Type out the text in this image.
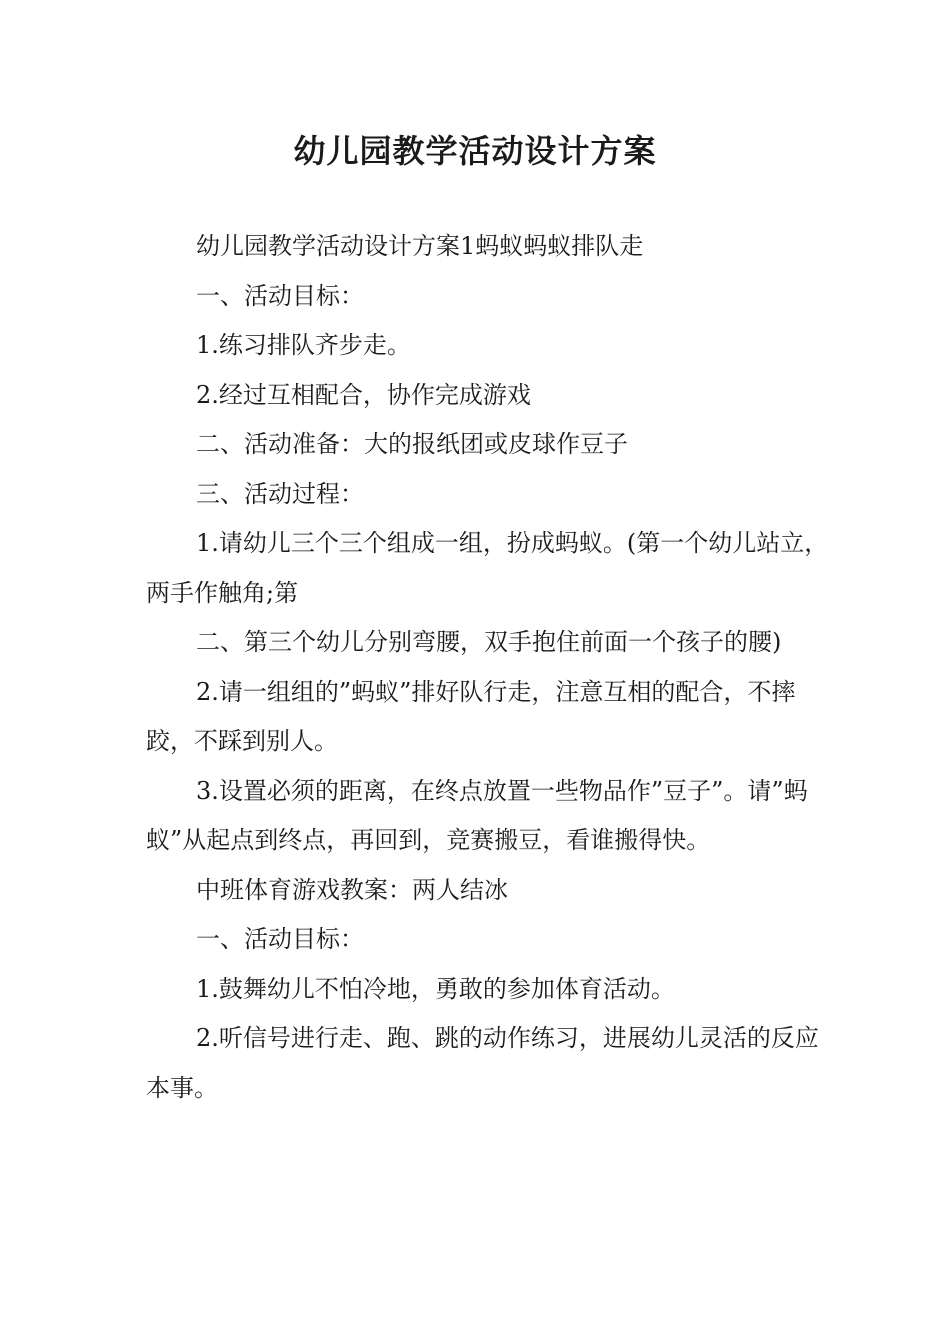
幼儿园教学活动设计方案

幼儿园教学活动设计方案1蚂蚁蚂蚁排队走

一、活动目标：

1.练习排队齐步走。

2.经过互相配合，协作完成游戏

二、活动准备：大的报纸团或皮球作豆子

三、活动过程：

1.请幼儿三个三个组成一组，扮成蚂蚁。(第一个幼儿站立，两手作触角;第

二、第三个幼儿分别弯腰，双手抱住前面一个孩子的腰)

2.请一组组的”蚂蚁”排好队行走，注意互相的配合，不摔跤，不踩到别人。

3.设置必须的距离，在终点放置一些物品作”豆子”。请”蚂蚁”从起点到终点，再回到，竞赛搬豆，看谁搬得快。

中班体育游戏教案：两人结冰

一、活动目标：

1.鼓舞幼儿不怕冷地，勇敢的参加体育活动。

2.听信号进行走、跑、跳的动作练习，进展幼儿灵活的反应本事。
